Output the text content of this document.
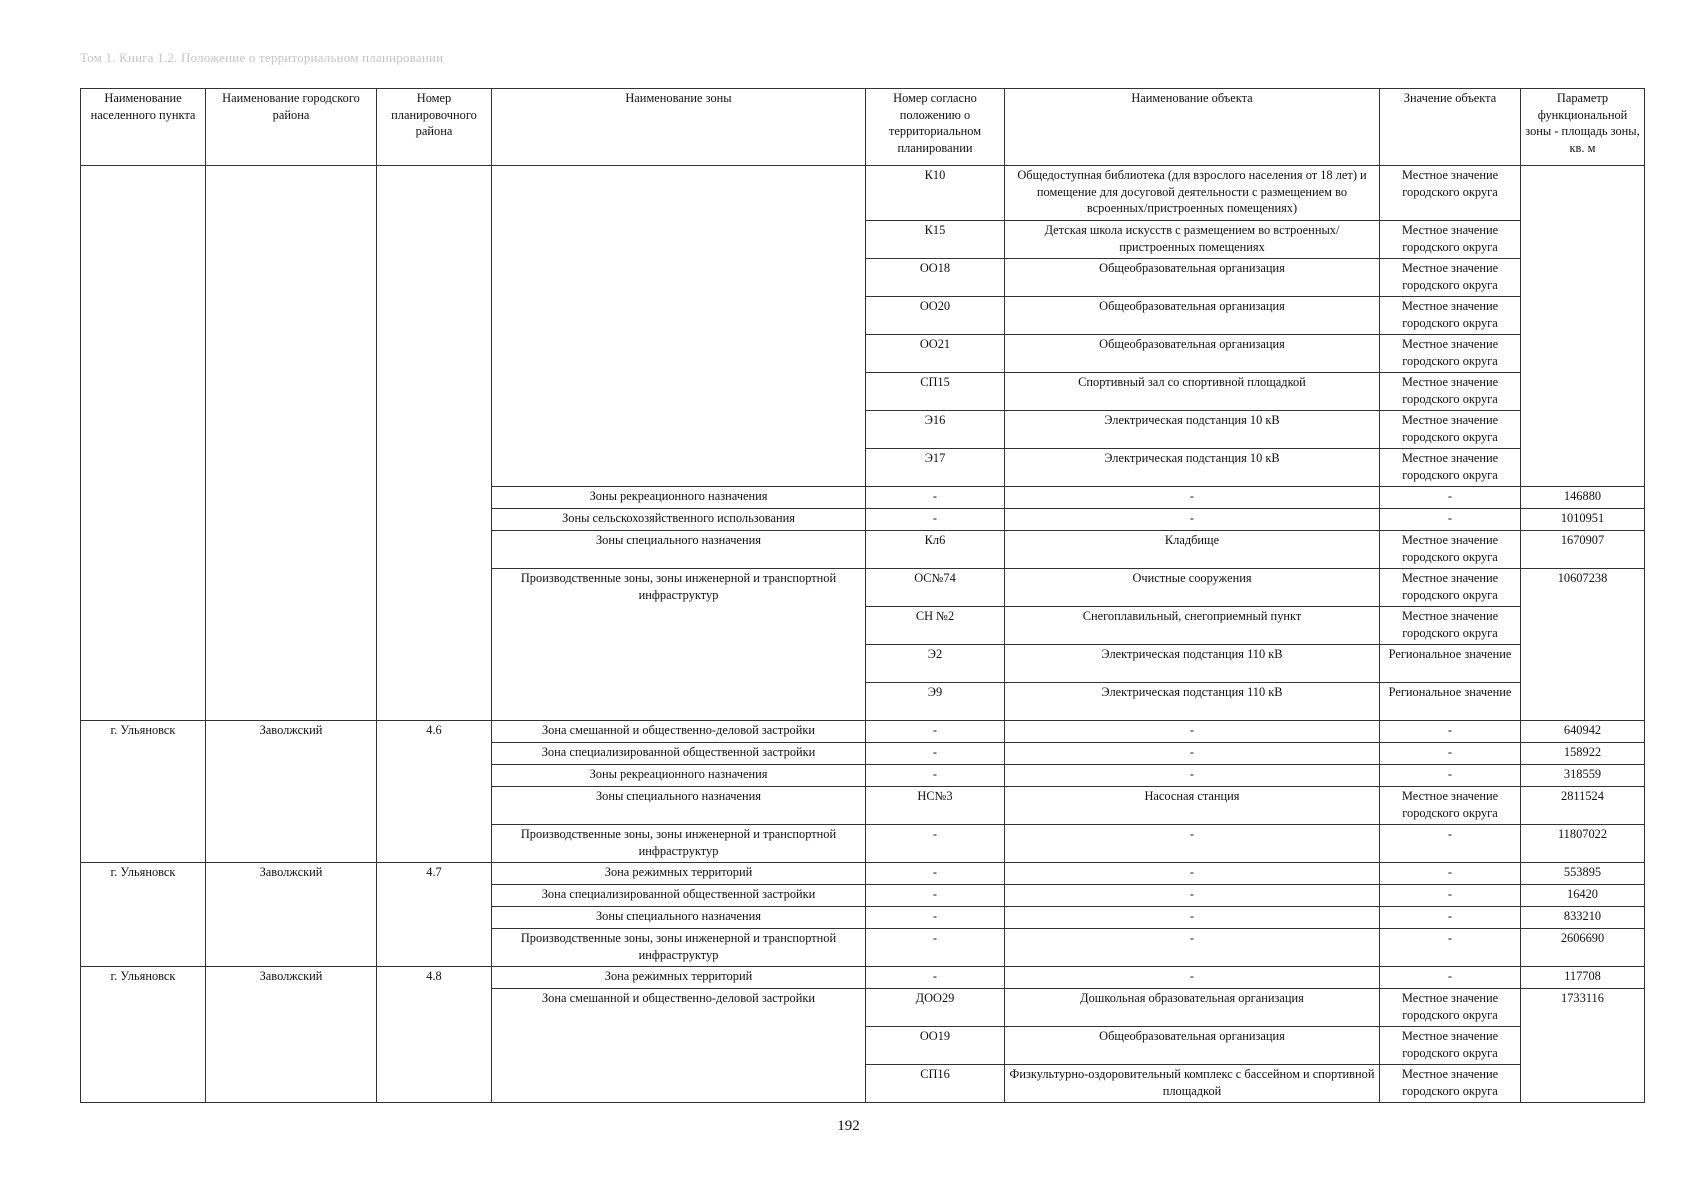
Том 1. Книга 1.2. Положение о территориальном планировании
Наименование населенного пункта	Наименование городского района	Номер планировочного района	Наименование зоны	Номер согласно положению о территориальном планировании	Наименование объекта	Значение объекта	Параметр функциональной зоны - площадь зоны, кв. м
				К10	Общедоступная библиотека (для взрослого населения от 18 лет) и помещение для досуговой деятельности с размещением во всроенных/пристроенных помещениях)	Местное значение городского округа	
				К15	Детская школа искусств с размещением во встроенных/пристроенных помещениях	Местное значение городского округа	
				ОО18	Общеобразовательная организация	Местное значение городского округа	
				ОО20	Общеобразовательная организация	Местное значение городского округа	
				ОО21	Общеобразовательная организация	Местное значение городского округа	
				СП15	Спортивный зал со спортивной площадкой	Местное значение городского округа	
				Э16	Электрическая подстанция 10 кВ	Местное значение городского округа	
				Э17	Электрическая подстанция 10 кВ	Местное значение городского округа	
			Зоны рекреационного назначения	-	-	-	146880
			Зоны сельскохозяйственного использования	-	-	-	1010951
			Зоны специального назначения	Кл6	Кладбище	Местное значение городского округа	1670907
			Производственные зоны, зоны инженерной и транспортной инфраструктур	ОС№74	Очистные сооружения	Местное значение городского округа	10607238
				СН №2	Снегоплавильный, снегоприемный пункт	Местное значение городского округа	
				Э2	Электрическая подстанция 110 кВ	Региональное значение	
				Э9	Электрическая подстанция 110 кВ	Региональное значение	
г. Ульяновск	Заволжский	4.6	Зона смешанной и общественно-деловой застройки	-	-	-	640942
			Зона специализированной общественной застройки	-	-	-	158922
			Зоны рекреационного назначения	-	-	-	318559
			Зоны специального назначения	НС№3	Насосная станция	Местное значение городского округа	2811524
			Производственные зоны, зоны инженерной и транспортной инфраструктур	-	-	-	11807022
г. Ульяновск	Заволжский	4.7	Зона режимных территорий	-	-	-	553895
			Зона специализированной общественной застройки	-	-	-	16420
			Зоны специального назначения	-	-	-	833210
			Производственные зоны, зоны инженерной и транспортной инфраструктур	-	-	-	2606690
г. Ульяновск	Заволжский	4.8	Зона режимных территорий	-	-	-	117708
			Зона смешанной и общественно-деловой застройки	ДОО29	Дошкольная образовательная организация	Местное значение городского округа	1733116
				ОО19	Общеобразовательная организация	Местное значение городского округа	
				СП16	Физкультурно-оздоровительный комплекс с бассейном и спортивной площадкой	Местное значение городского округа	
192
